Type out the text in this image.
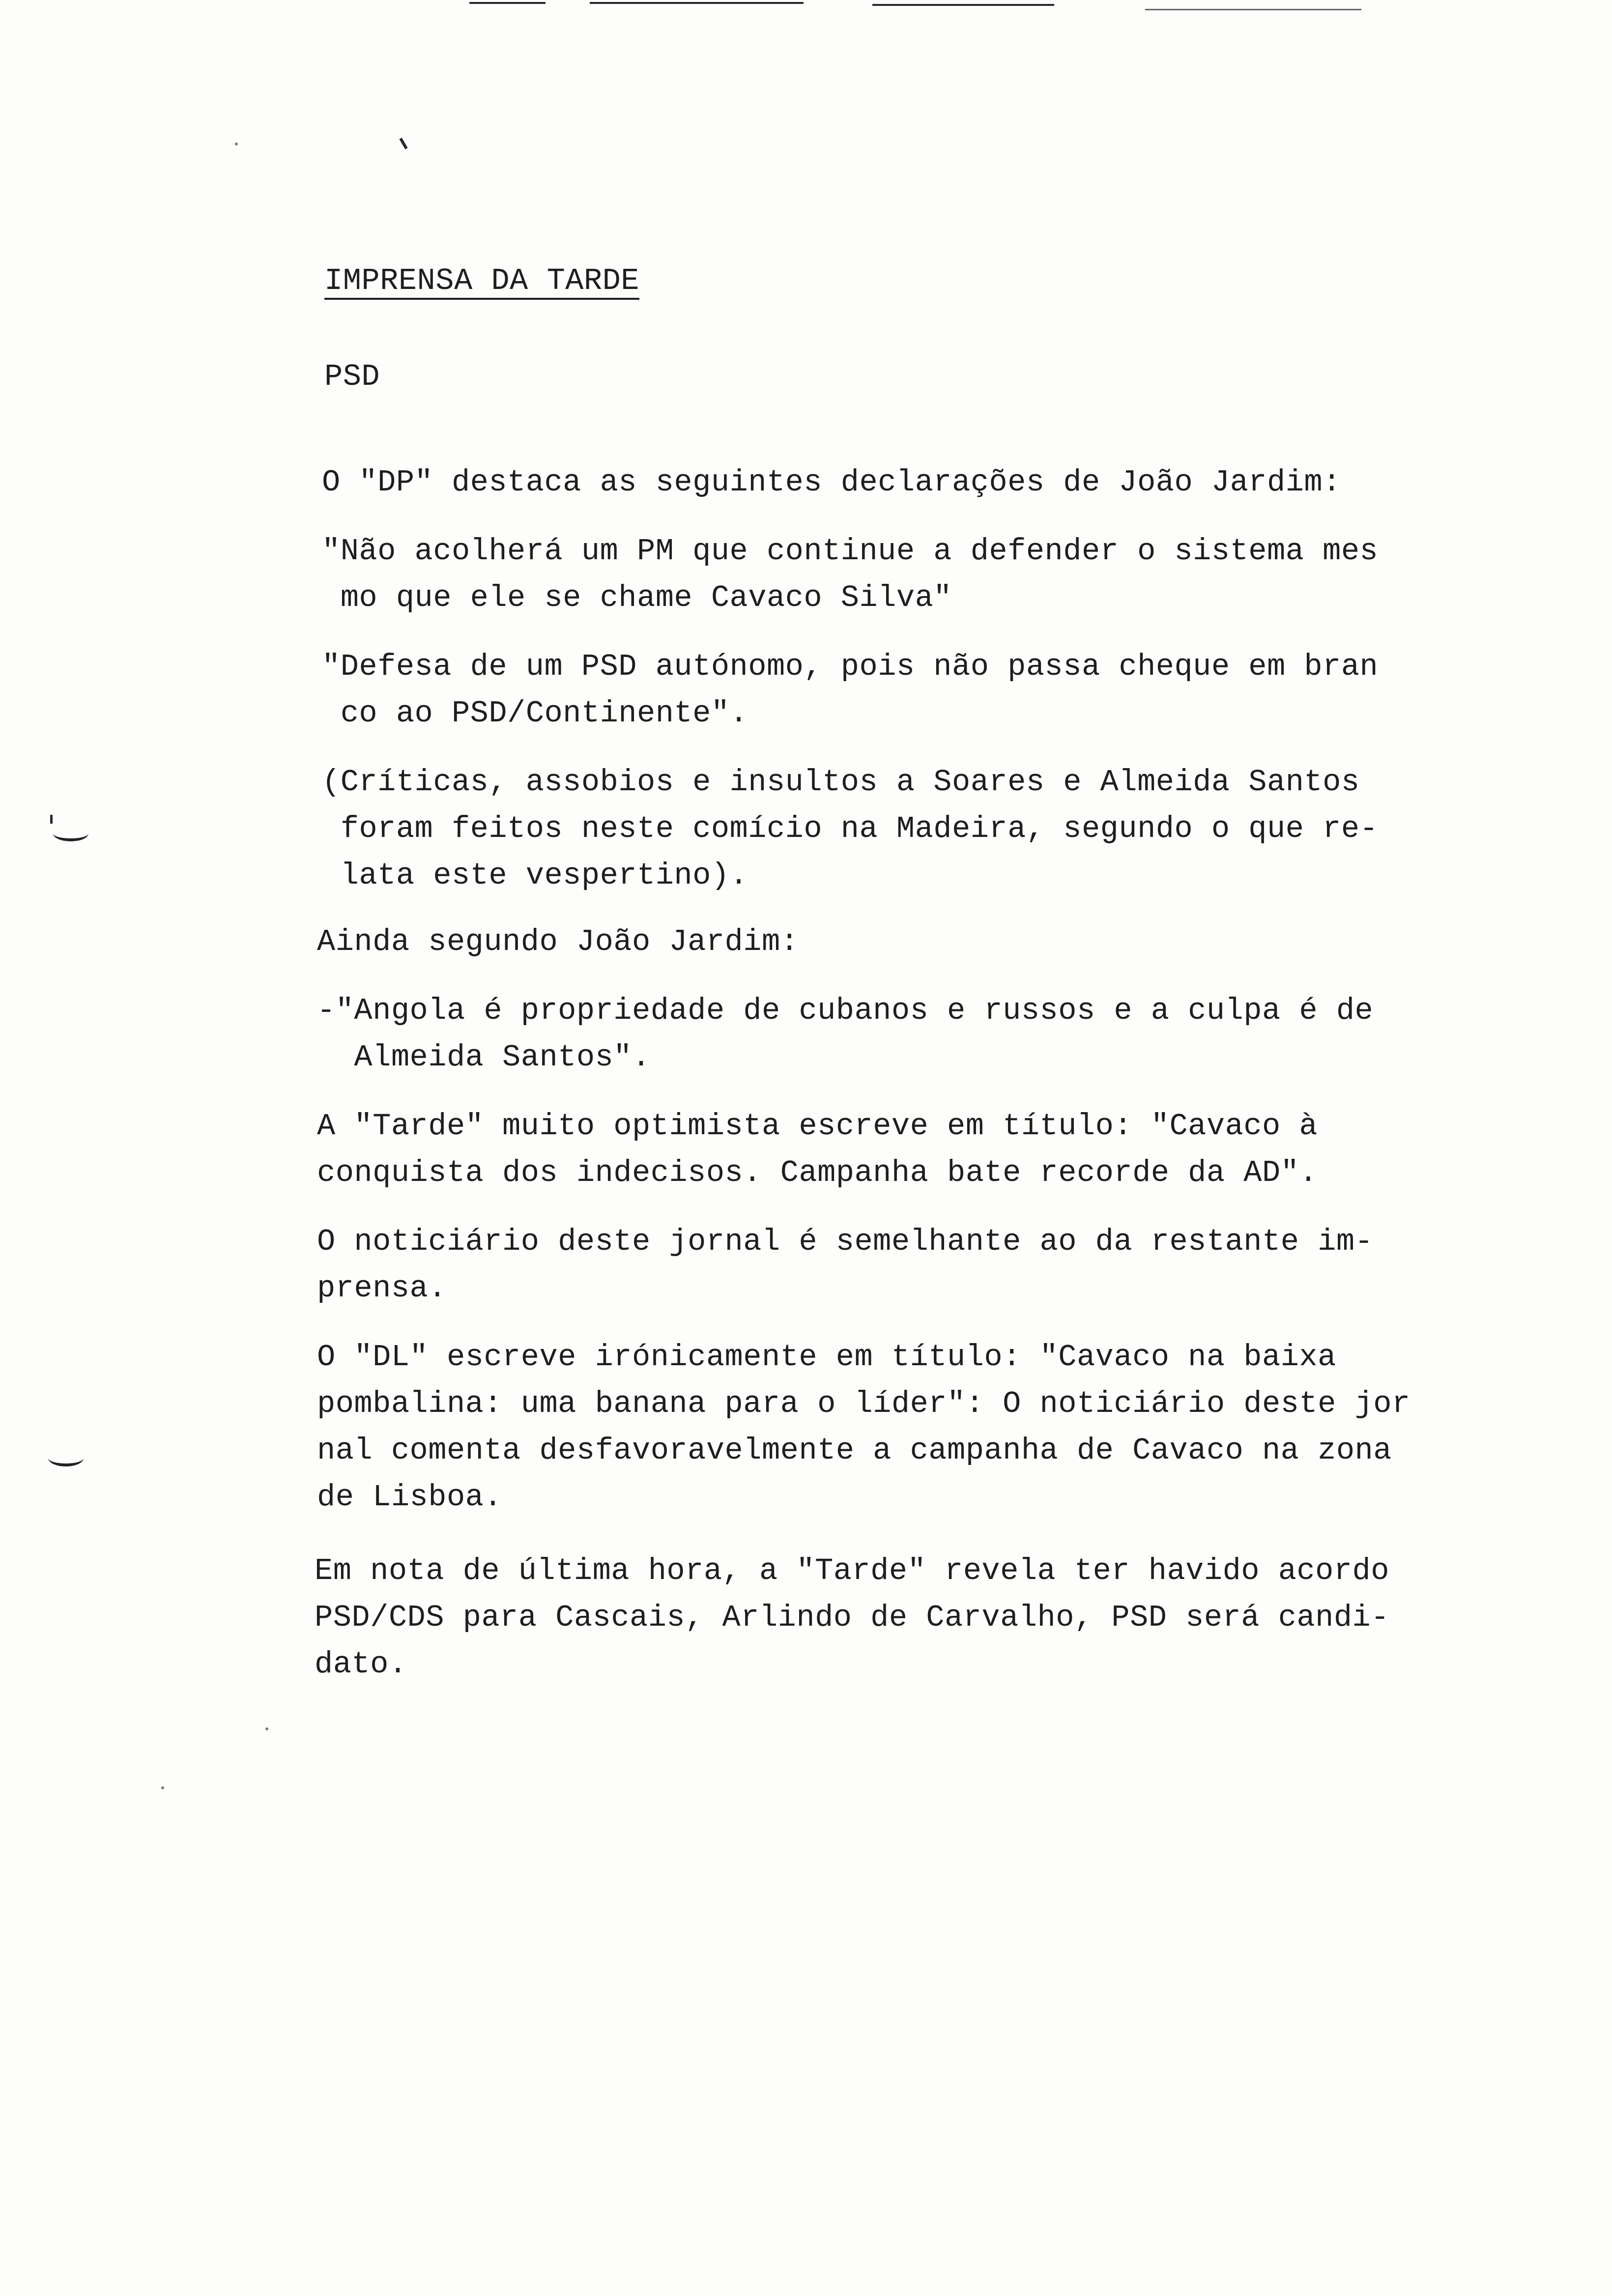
IMPRENSA DA TARDE
PSD
O "DP" destaca as seguintes declarações de João Jardim:
"Não acolherá um PM que continue a defender o sistema mes
mo que ele se chame Cavaco Silva"
"Defesa de um PSD autónomo, pois não passa cheque em bran
co ao PSD/Continente".
(Críticas, assobios e insultos a Soares e Almeida Santos
foram feitos neste comício na Madeira, segundo o que re-
lata este vespertino).
Ainda segundo João Jardim:
-"Angola é propriedade de cubanos e russos e a culpa é de
Almeida Santos".
A "Tarde" muito optimista escreve em título: "Cavaco à
conquista dos indecisos. Campanha bate recorde da AD".
O noticiário deste jornal é semelhante ao da restante im-
prensa.
O "DL" escreve irónicamente em título: "Cavaco na baixa
pombalina: uma banana para o líder": O noticiário deste jor
nal comenta desfavoravelmente a campanha de Cavaco na zona
de Lisboa.
Em nota de última hora, a "Tarde" revela ter havido acordo
PSD/CDS para Cascais, Arlindo de Carvalho, PSD será candi-
dato.
